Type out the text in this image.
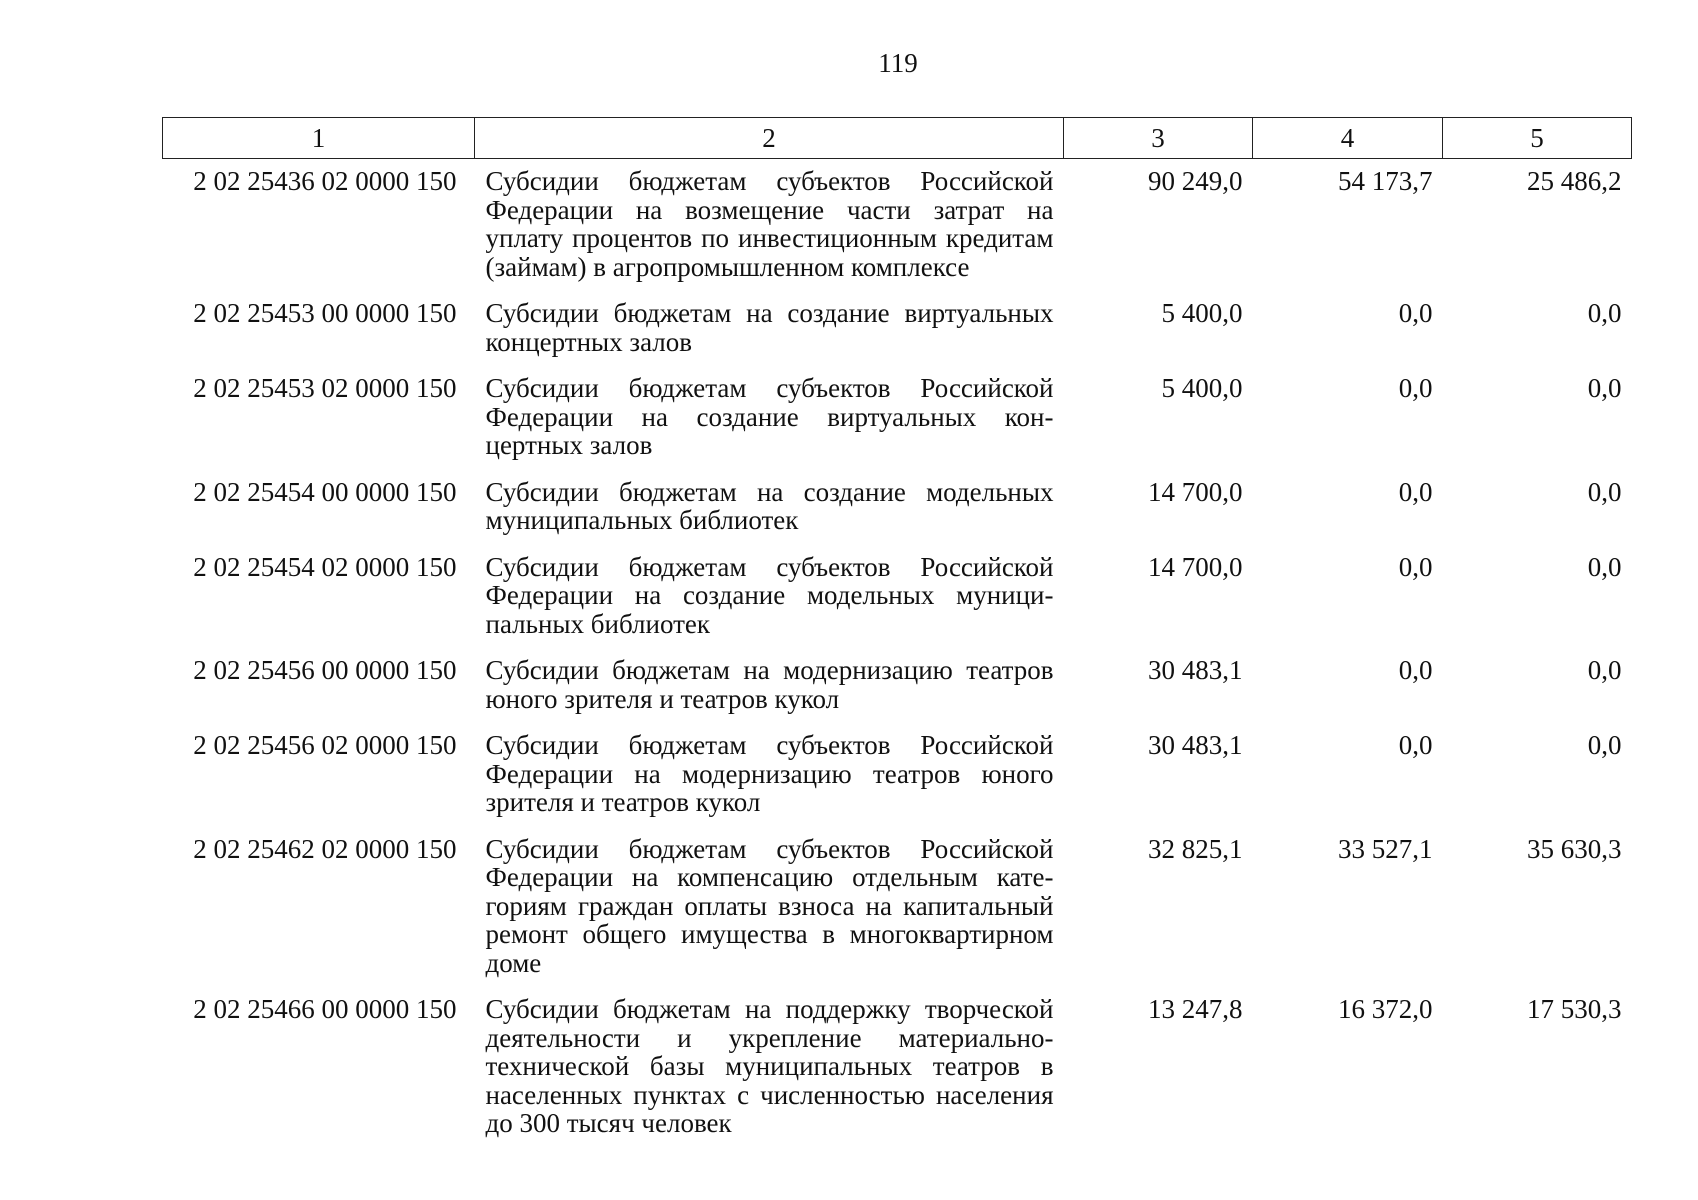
119
1	2	3	4	5
2 02 25436 02 0000 150	Субсидии бюджетам субъектов Российской Федерации на возмещение части затрат на уплату процентов по инвестиционным кредитам (займам) в агропромышленном комплексе	90 249,0	54 173,7	25 486,2
2 02 25453 00 0000 150	Субсидии бюджетам на создание виртуальных концертных залов	5 400,0	0,0	0,0
2 02 25453 02 0000 150	Субсидии бюджетам субъектов Российской Федерации на создание виртуальных концертных залов	5 400,0	0,0	0,0
2 02 25454 00 0000 150	Субсидии бюджетам на создание модельных муниципальных библиотек	14 700,0	0,0	0,0
2 02 25454 02 0000 150	Субсидии бюджетам субъектов Российской Федерации на создание модельных муниципальных библиотек	14 700,0	0,0	0,0
2 02 25456 00 0000 150	Субсидии бюджетам на модернизацию театров юного зрителя и театров кукол	30 483,1	0,0	0,0
2 02 25456 02 0000 150	Субсидии бюджетам субъектов Российской Федерации на модернизацию театров юного зрителя и театров кукол	30 483,1	0,0	0,0
2 02 25462 02 0000 150	Субсидии бюджетам субъектов Российской Федерации на компенсацию отдельным категориям граждан оплаты взноса на капитальный ремонт общего имущества в многоквартирном доме	32 825,1	33 527,1	35 630,3
2 02 25466 00 0000 150	Субсидии бюджетам на поддержку творческой деятельности и укрепление материально-технической базы муниципальных театров в населенных пунктах с численностью населения до 300 тысяч человек	13 247,8	16 372,0	17 530,3
